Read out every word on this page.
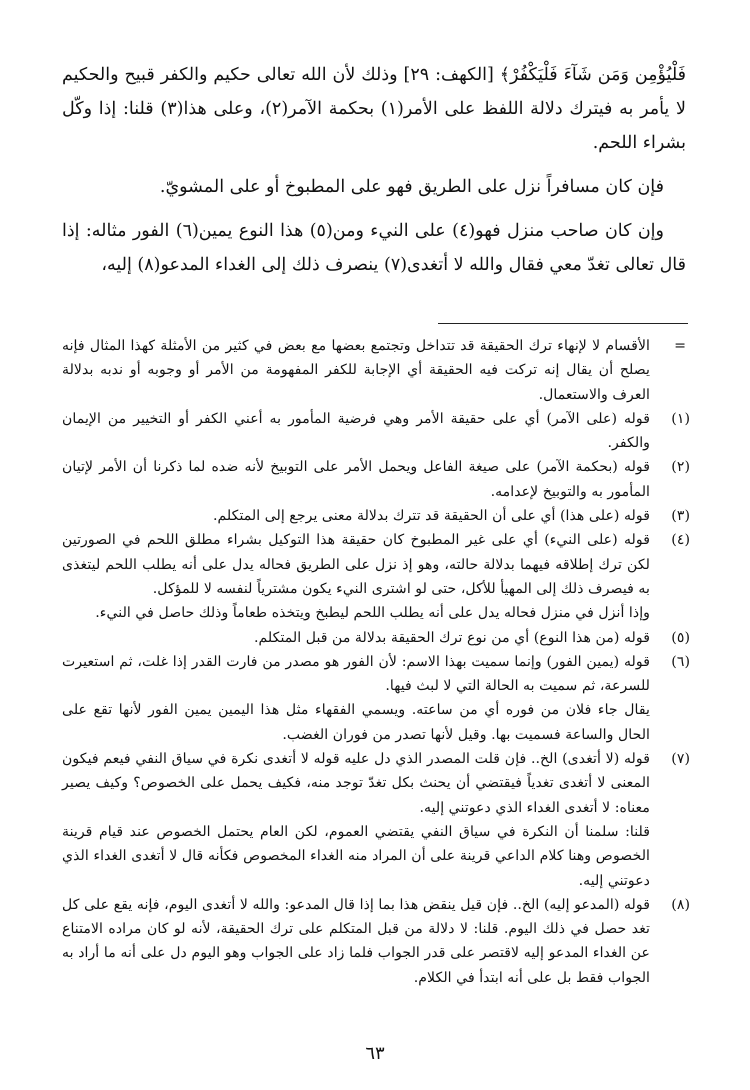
فَلْيُؤْمِن وَمَن شَآءَ فَلْيَكْفُرْ﴾ [الكهف: ٢٩] وذلك لأن الله تعالى حكيم والكفر قبيح والحكيم لا يأمر به فيترك دلالة اللفظ على الأمر(١) بحكمة الآمر(٢)، وعلى هذا(٣) قلنا: إذا وكّل بشراء اللحم.

فإن كان مسافراً نزل على الطريق فهو على المطبوخ أو على المشويّ.

وإن كان صاحب منزل فهو(٤) على النيء ومن(٥) هذا النوع يمين(٦) الفور مثاله: إذا قال تعالى تغدّ معي فقال والله لا أتغدى(٧) ينصرف ذلك إلى الغداء المدعو(٨) إليه،

=

الأقسام لا لإنهاء ترك الحقيقة قد تتداخل وتجتمع بعضها مع بعض في كثير من الأمثلة كهذا المثال فإنه يصلح أن يقال إنه تركت فيه الحقيقة أي الإجابة للكفر المفهومة من الأمر أو وجوبه أو ندبه بدلالة العرف والاستعمال.

(١)

قوله (على الآمر) أي على حقيقة الأمر وهي فرضية المأمور به أعني الكفر أو التخيير من الإيمان والكفر.

(٢)

قوله (بحكمة الآمر) على صيغة الفاعل ويحمل الأمر على التوبيخ لأنه ضده لما ذكرنا أن الأمر لإتيان المأمور به والتوبيخ لإعدامه.

(٣)

قوله (على هذا) أي على أن الحقيقة قد تترك بدلالة معنى يرجع إلى المتكلم.

(٤)

قوله (على النيء) أي على غير المطبوخ كان حقيقة هذا التوكيل بشراء مطلق اللحم في الصورتين لكن ترك إطلاقه فيهما بدلالة حالته، وهو إذ نزل على الطريق فحاله يدل على أنه يطلب اللحم ليتغذى به فيصرف ذلك إلى المهيأ للأكل، حتى لو اشترى النيء يكون مشترياً لنفسه لا للمؤكل.

وإذا أنزل في منزل فحاله يدل على أنه يطلب اللحم ليطبخ ويتخذه طعاماً وذلك حاصل في النيء.

(٥)

قوله (من هذا النوع) أي من نوع ترك الحقيقة بدلالة من قبل المتكلم.

(٦)

قوله (يمين الفور) وإنما سميت بهذا الاسم: لأن الفور هو مصدر من فارت القدر إذا غلت، ثم استعيرت للسرعة، ثم سميت به الحالة التي لا لبث فيها.

يقال جاء فلان من فوره أي من ساعته. ويسمي الفقهاء مثل هذا اليمين يمين الفور لأنها تقع على الحال والساعة فسميت بها. وقيل لأنها تصدر من فوران الغضب.

(٧)

قوله (لا أتغدى) الخ.. فإن قلت المصدر الذي دل عليه قوله لا أتغدى نكرة في سياق النفي فيعم فيكون المعنى لا أتغدى تغدياً فيقتضي أن يحنث بكل تغدّ توجد منه، فكيف يحمل على الخصوص؟ وكيف يصير معناه: لا أتغدى الغداء الذي دعوتني إليه.

قلنا: سلمنا أن النكرة في سياق النفي يقتضي العموم، لكن العام يحتمل الخصوص عند قيام قرينة الخصوص وهنا كلام الداعي قرينة على أن المراد منه الغداء المخصوص فكأنه قال لا أتغدى الغداء الذي دعوتني إليه.

(٨)

قوله (المدعو إليه) الخ.. فإن قيل ينقض هذا بما إذا قال المدعو: والله لا أتغدى اليوم، فإنه يقع على كل تغد حصل في ذلك اليوم. قلنا: لا دلالة من قبل المتكلم على ترك الحقيقة، لأنه لو كان مراده الامتناع عن الغداء المدعو إليه لاقتصر على قدر الجواب فلما زاد على الجواب وهو اليوم دل على أنه ما أراد به الجواب فقط بل على أنه ابتدأ في الكلام.

٦٣
